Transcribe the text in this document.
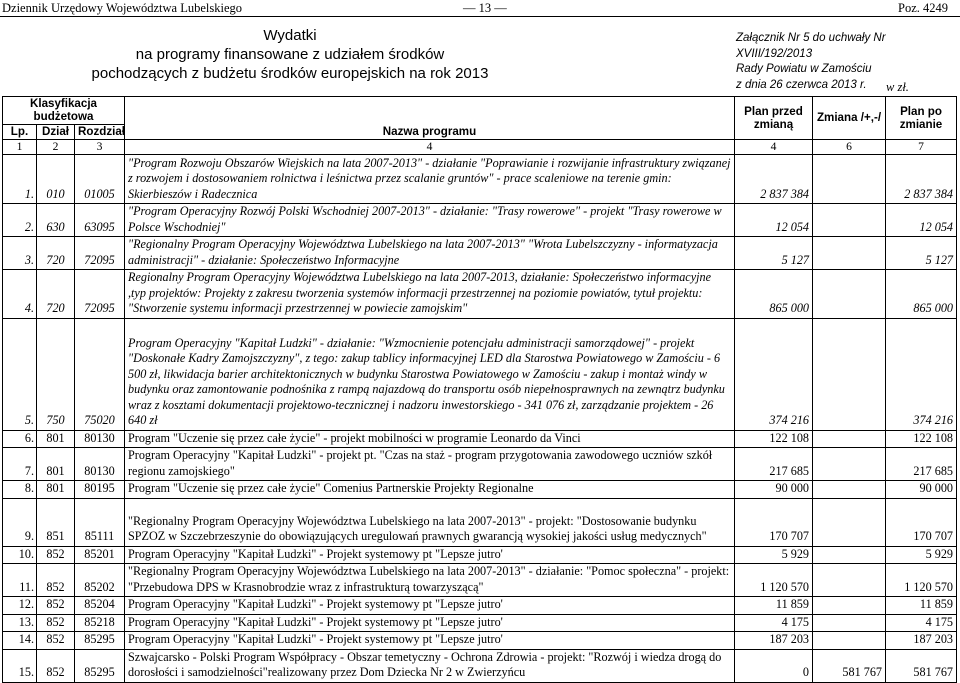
Dziennik Urzędowy Województwa Lubelskiego	— 13 —	Poz. 4249
Wydatki
na programy finansowane z udziałem środków
pochodzących z budżetu środków europejskich na rok 2013
Załącznik Nr 5 do uchwały Nr XVIII/192/2013
Rady Powiatu w Zamościu
z dnia 26 czerwca 2013 r.	w zł.
Klasyfikacja budżetowa			Nazwa programu	Plan przed zmianą	Zmiana /+,-/	Plan po zmianie
Lp.	Dział	Rozdział				
1	2	3	4	4	6	7
1.	010	01005	"Program Rozwoju Obszarów Wiejskich na lata 2007-2013" - działanie "Poprawianie i rozwijanie infrastruktury związanej z rozwojem i dostosowaniem rolnictwa i leśnictwa przez scalanie gruntów" - prace scaleniowe na terenie gmin: Skierbieszów i Radecznica	2 837 384		2 837 384
2.	630	63095	"Program Operacyjny Rozwój Polski Wschodniej 2007-2013" - działanie: "Trasy rowerowe" - projekt "Trasy rowerowe w Polsce Wschodniej"	12 054		12 054
3.	720	72095	"Regionalny Program Operacyjny Województwa Lubelskiego na lata 2007-2013" "Wrota Lubelszczyzny - informatyzacja administracji" - działanie: Społeczeństwo Informacyjne	5 127		5 127
4.	720	72095	Regionalny Program Operacyjny Województwa Lubelskiego na lata 2007-2013, działanie: Społeczeństwo informacyjne ,typ projektów: Projekty z zakresu tworzenia systemów informacji przestrzennej na poziomie powiatów, tytuł projektu: "Stworzenie systemu informacji przestrzennej w powiecie zamojskim"	865 000		865 000
5.	750	75020	Program Operacyjny "Kapitał Ludzki" - działanie: "Wzmocnienie potencjału administracji samorządowej" - projekt "Doskonałe Kadry Zamojszczyzny", z tego: zakup tablicy informacyjnej LED dla Starostwa Powiatowego w Zamościu - 6 500 zł, likwidacja barier architektonicznych w budynku Starostwa Powiatowego w Zamościu - zakup i montaż windy w budynku oraz zamontowanie podnośnika z rampą najazdową do transportu osób niepełnosprawnych na zewnątrz budynku wraz z kosztami dokumentacji projektowo-tecznicznej i nadzoru inwestorskiego - 341 076 zł, zarządzanie projektem - 26 640 zł	374 216		374 216
6.	801	80130	Program "Uczenie się przez całe życie" - projekt mobilności w programie Leonardo da Vinci	122 108		122 108
7.	801	80130	Program Operacyjny "Kapitał Ludzki" - projekt pt. "Czas na staż - program przygotowania zawodowego uczniów szkół regionu zamojskiego"	217 685		217 685
8.	801	80195	Program "Uczenie się przez całe życie" Comenius Partnerskie Projekty Regionalne	90 000		90 000
9.	851	85111	"Regionalny Program Operacyjny Województwa Lubelskiego na lata 2007-2013" - projekt: "Dostosowanie budynku SPZOZ w Szczebrzeszynie do obowiązujących uregulowań prawnych gwarancją wysokiej jakości usług medycznych"	170 707		170 707
10.	852	85201	Program Operacyjny "Kapitał Ludzki" - Projekt systemowy pt "Lepsze jutro'	5 929		5 929
11.	852	85202	"Regionalny Program Operacyjny Województwa Lubelskiego na lata 2007-2013" - działanie: "Pomoc społeczna" - projekt: "Przebudowa DPS w Krasnobrodzie wraz z infrastrukturą towarzyszącą"	1 120 570		1 120 570
12.	852	85204	Program Operacyjny "Kapitał Ludzki" - Projekt systemowy pt "Lepsze jutro'	11 859		11 859
13.	852	85218	Program Operacyjny "Kapitał Ludzki" - Projekt systemowy pt "Lepsze jutro'	4 175		4 175
14.	852	85295	Program Operacyjny "Kapitał Ludzki" - Projekt systemowy pt "Lepsze jutro'	187 203		187 203
15.	852	85295	Szwajcarsko - Polski Program Współpracy - Obszar temetyczny - Ochrona Zdrowia - projekt: "Rozwój i wiedza drogą do dorosłości i samodzielności"realizowany przez Dom Dziecka Nr 2 w Zwierzyńcu	0	581 767	581 767
